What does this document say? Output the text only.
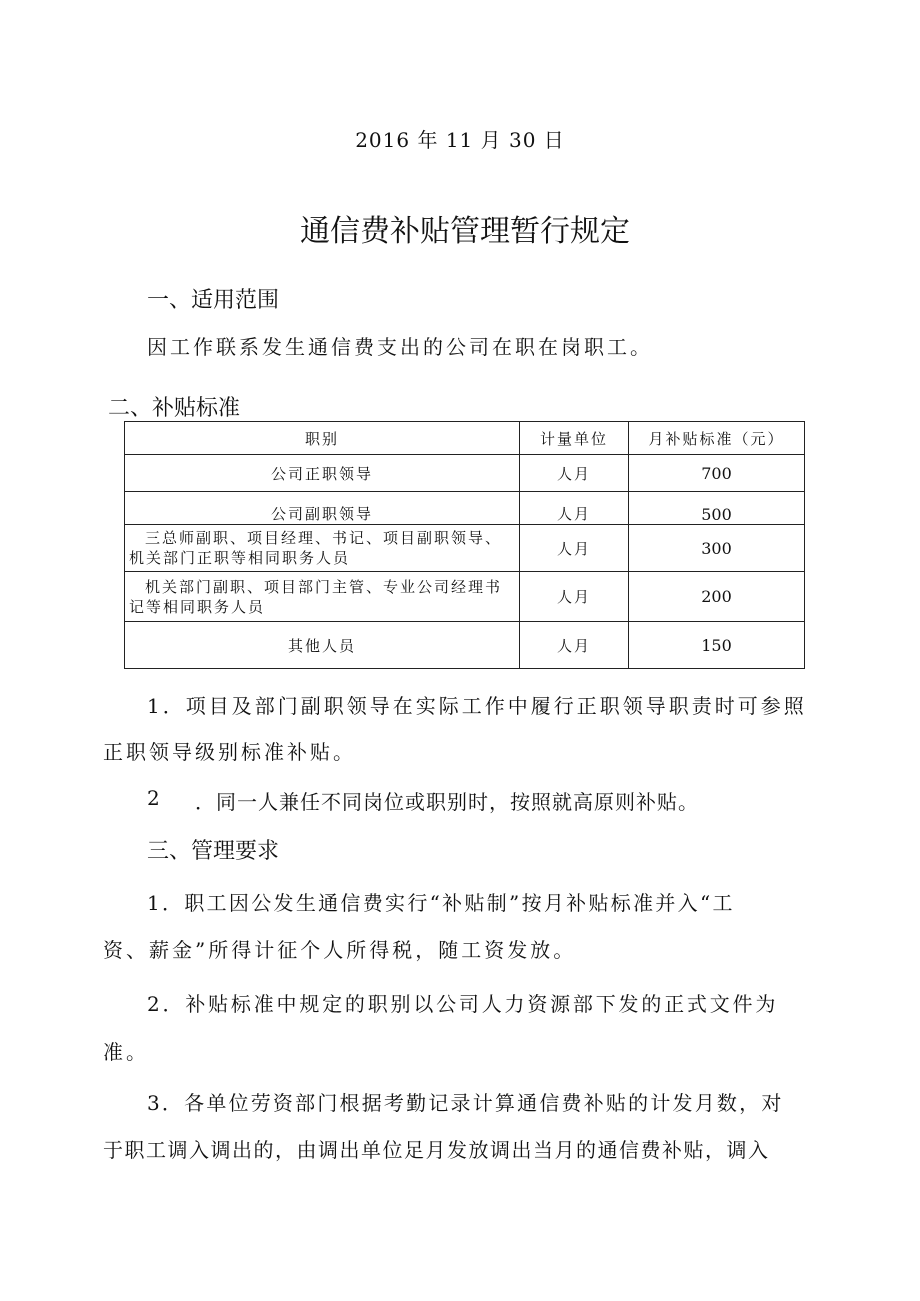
2016 年 11 月 30 日
通信费补贴管理暂行规定
一、适用范围
因工作联系发生通信费支出的公司在职在岗职工。
二、补贴标准
职别	计量单位	月补贴标准（元）
公司正职领导	人月	700
公司副职领导	人月	500

三总师副职、项目经理、书记、项目副职领导、
机关部门正职等相同职务人员	人月	300

机关部门副职、项目部门主管、专业公司经理书
记等相同职务人员	人月	200
其他人员	人月	150
1．项目及部门副职领导在实际工作中履行正职领导职责时可参照
正职领导级别标准补贴。
2 ．同一人兼任不同岗位或职别时，按照就高原则补贴。
三、管理要求
1．职工因公发生通信费实行“补贴制”按月补贴标准并入“工
资、薪金”所得计征个人所得税，随工资发放。
2．补贴标准中规定的职别以公司人力资源部下发的正式文件为
准。
3．各单位劳资部门根据考勤记录计算通信费补贴的计发月数，对
于职工调入调出的，由调出单位足月发放调出当月的通信费补贴，调入
